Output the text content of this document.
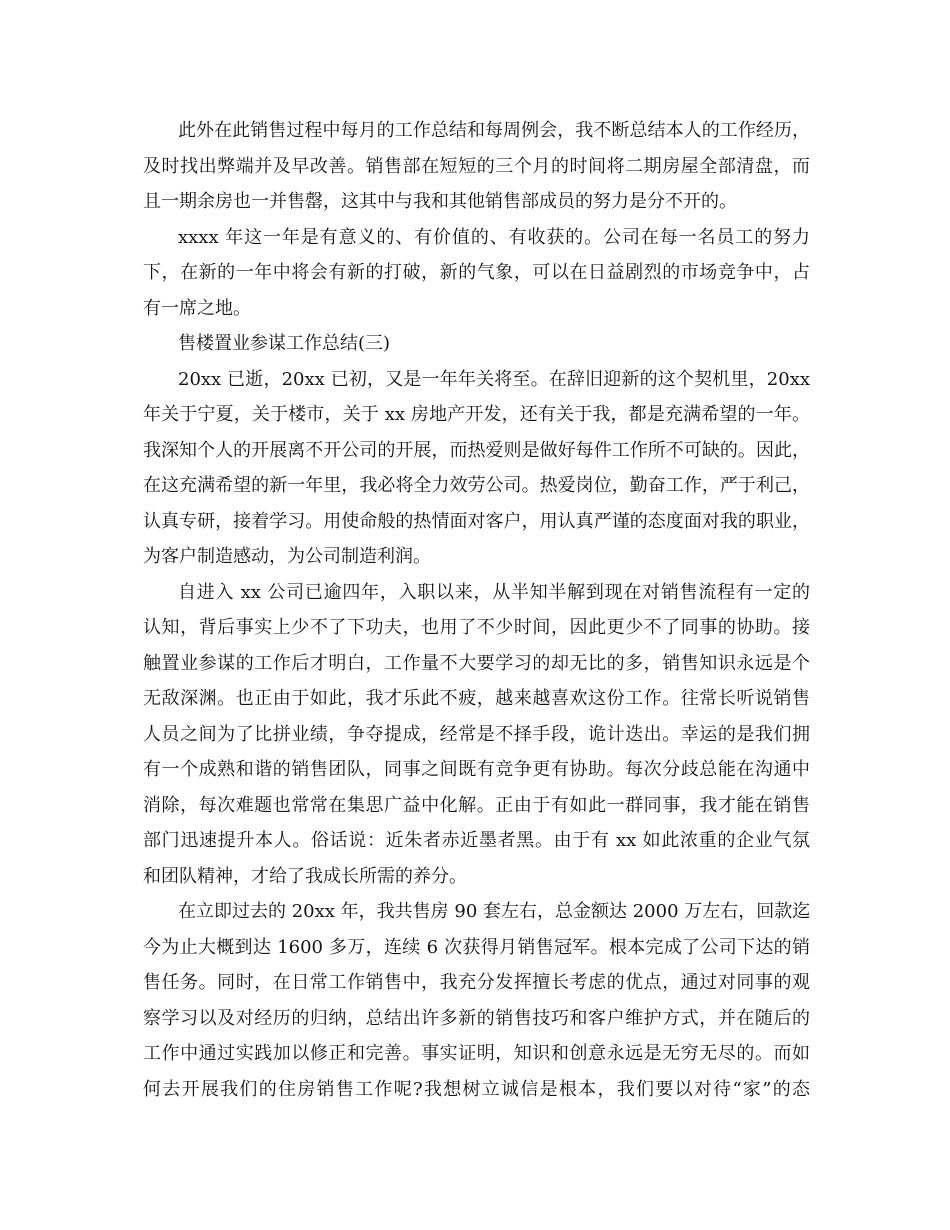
此外在此销售过程中每月的工作总结和每周例会，我不断总结本人的工作经历，
及时找出弊端并及早改善。销售部在短短的三个月的时间将二期房屋全部清盘，而
且一期余房也一并售罄，这其中与我和其他销售部成员的努力是分不开的。
xxxx 年这一年是有意义的、有价值的、有收获的。公司在每一名员工的努力
下，在新的一年中将会有新的打破，新的气象，可以在日益剧烈的市场竞争中，占
有一席之地。
售楼置业参谋工作总结(三)
20xx 已逝，20xx 已初，又是一年年关将至。在辞旧迎新的这个契机里，20xx
年关于宁夏，关于楼市，关于 xx 房地产开发，还有关于我，都是充满希望的一年。
我深知个人的开展离不开公司的开展，而热爱则是做好每件工作所不可缺的。因此，
在这充满希望的新一年里，我必将全力效劳公司。热爱岗位，勤奋工作，严于利己，
认真专研，接着学习。用使命般的热情面对客户，用认真严谨的态度面对我的职业，
为客户制造感动，为公司制造利润。
自进入 xx 公司已逾四年，入职以来，从半知半解到现在对销售流程有一定的
认知，背后事实上少不了下功夫，也用了不少时间，因此更少不了同事的协助。接
触置业参谋的工作后才明白，工作量不大要学习的却无比的多，销售知识永远是个
无敌深渊。也正由于如此，我才乐此不疲，越来越喜欢这份工作。往常长听说销售
人员之间为了比拼业绩，争夺提成，经常是不择手段，诡计迭出。幸运的是我们拥
有一个成熟和谐的销售团队，同事之间既有竞争更有协助。每次分歧总能在沟通中
消除，每次难题也常常在集思广益中化解。正由于有如此一群同事，我才能在销售
部门迅速提升本人。俗话说：近朱者赤近墨者黑。由于有 xx 如此浓重的企业气氛
和团队精神，才给了我成长所需的养分。
在立即过去的 20xx 年，我共售房 90 套左右，总金额达 2000 万左右，回款迄
今为止大概到达 1600 多万，连续 6 次获得月销售冠军。根本完成了公司下达的销
售任务。同时，在日常工作销售中，我充分发挥擅长考虑的优点，通过对同事的观
察学习以及对经历的归纳，总结出许多新的销售技巧和客户维护方式，并在随后的
工作中通过实践加以修正和完善。事实证明，知识和创意永远是无穷无尽的。而如
何去开展我们的住房销售工作呢?我想树立诚信是根本，我们要以对待“家”的态
